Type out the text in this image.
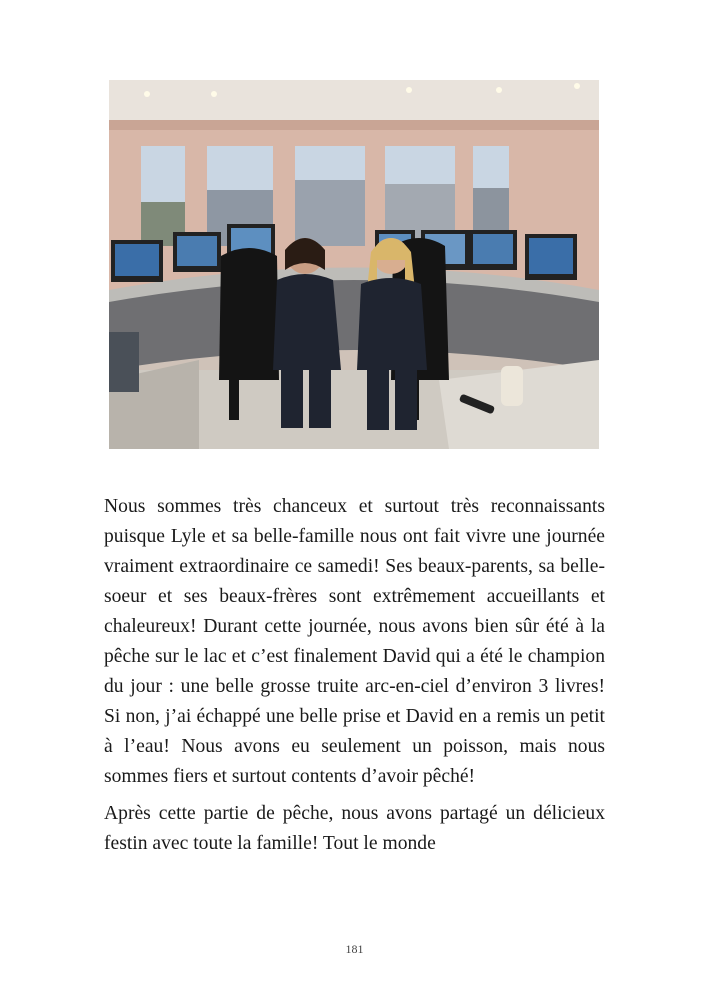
Nous sommes très chanceux et surtout très reconnaissants puisque Lyle et sa belle-famille nous ont fait vivre une journée vraiment extraordinaire ce samedi! Ses beaux-parents, sa belle-soeur et ses beaux-frères sont extrêmement accueillants et chaleureux! Durant cette journée, nous avons bien sûr été à la pêche sur le lac et c’est finalement David qui a été le champion du jour : une belle grosse truite arc-en-ciel d’environ 3 livres! Si non, j’ai échappé une belle prise et David en a remis un petit à l’eau! Nous avons eu seulement un poisson, mais nous sommes fiers et surtout contents d’avoir pêché!

Après cette partie de pêche, nous avons partagé un délicieux festin avec toute la famille! Tout le monde

181
